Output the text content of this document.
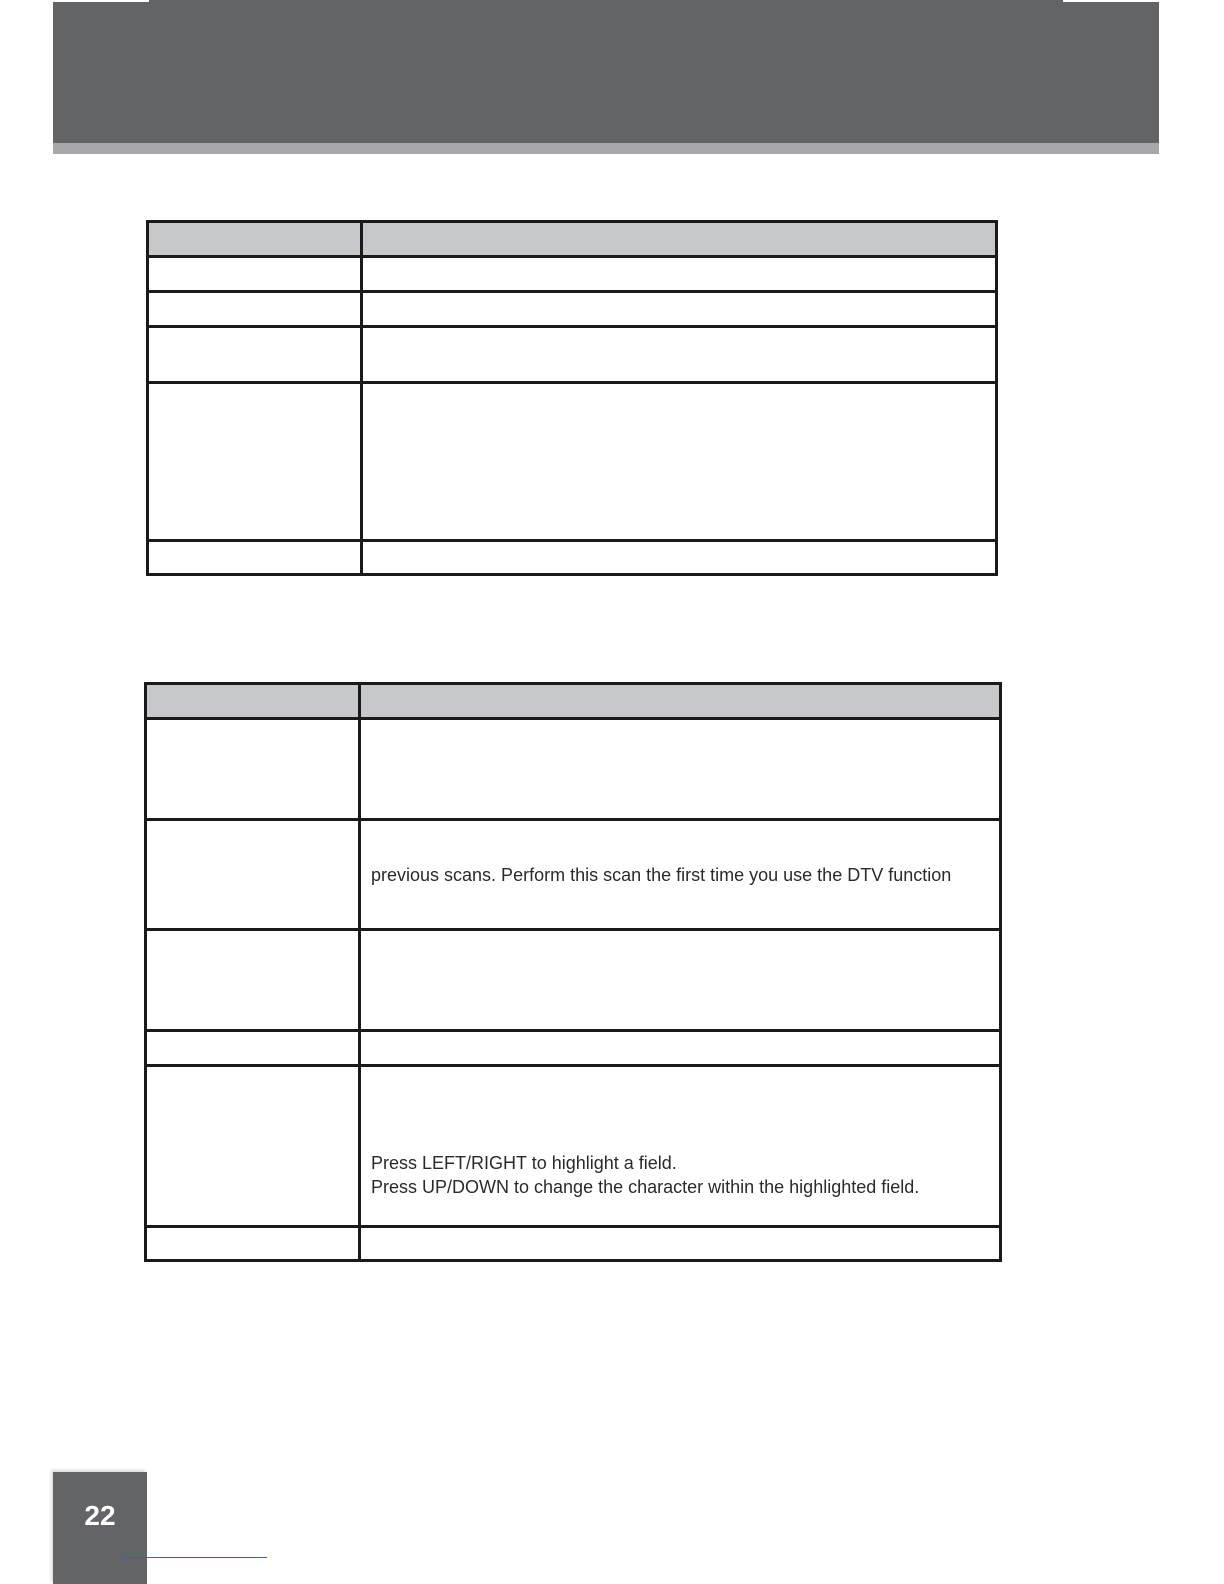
	previous scans. Perform this scan the first time you use the DTV function

	Press LEFT/RIGHT to highlight a field.
Press UP/DOWN to change the character within the highlighted field.

22
